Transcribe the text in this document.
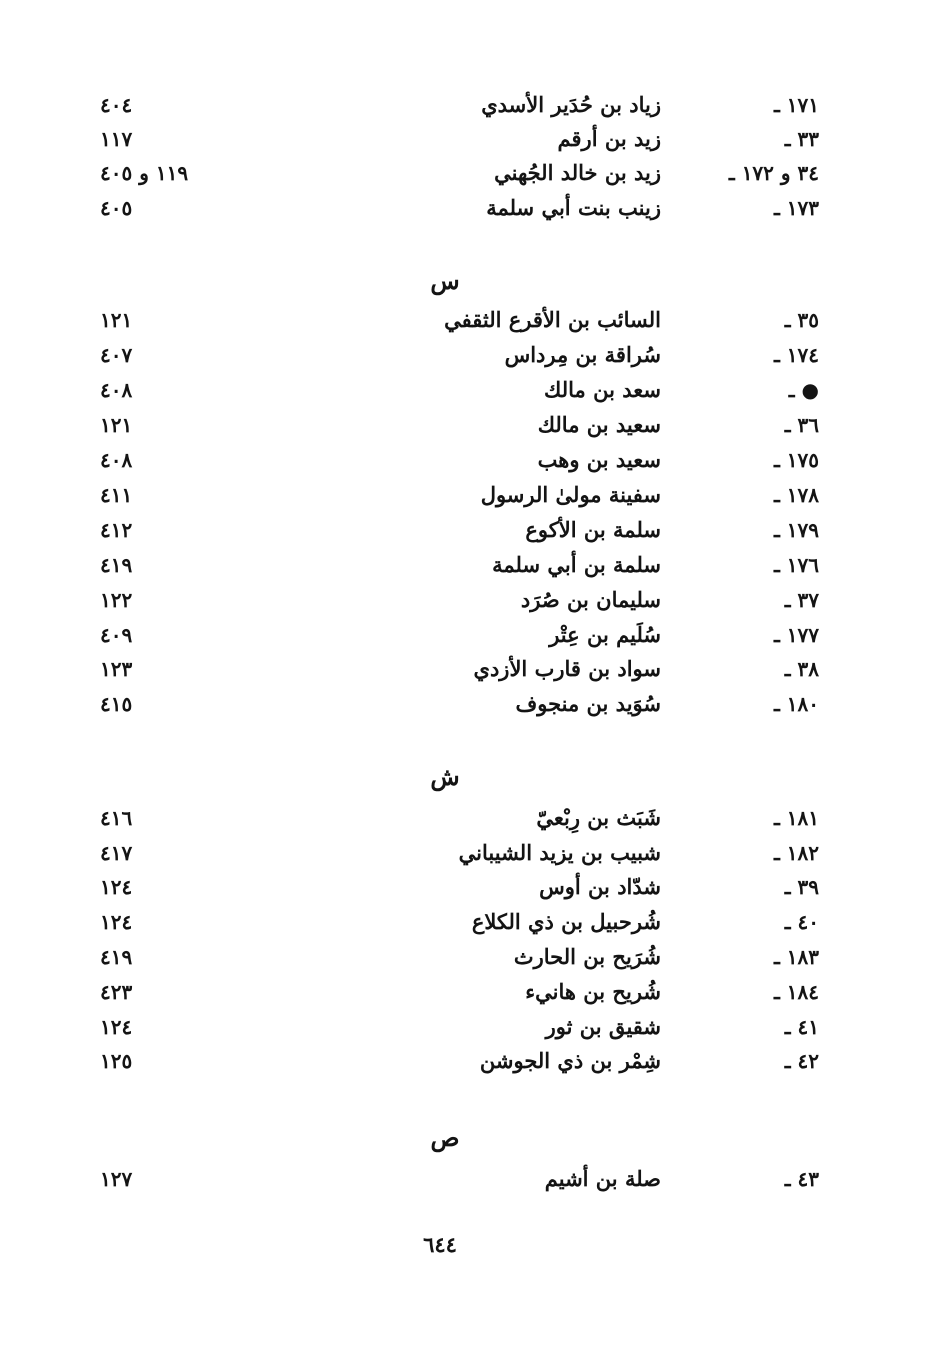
١٧١ ـ
زياد بن حُدَير الأسدي
٤٠٤
٣٣ ـ
زيد بن أرقم
١١٧
٣٤ و ١٧٢ ـ
زيد بن خالد الجُهني
١١٩ و ٤٠٥
١٧٣ ـ
زينب بنت أبي سلمة
٤٠٥
س
٣٥ ـ
السائب بن الأقرع الثقفي
١٢١
١٧٤ ـ
سُراقة بن مِرداس
٤٠٧
● ـ
سعد بن مالك
٤٠٨
٣٦ ـ
سعيد بن مالك
١٢١
١٧٥ ـ
سعيد بن وهب
٤٠٨
١٧٨ ـ
سفينة مولىٰ الرسول
٤١١
١٧٩ ـ
سلمة بن الأكوع
٤١٢
١٧٦ ـ
سلمة بن أبي سلمة
٤١٩
٣٧ ـ
سليمان بن صُرَد
١٢٢
١٧٧ ـ
سُلَيم بن عِتْر
٤٠٩
٣٨ ـ
سواد بن قارب الأزدي
١٢٣
١٨٠ ـ
سُوَيد بن منجوف
٤١٥
ش
١٨١ ـ
شَبَث بن رِبْعيّ
٤١٦
١٨٢ ـ
شبيب بن يزيد الشيباني
٤١٧
٣٩ ـ
شدّاد بن أوس
١٢٤
٤٠ ـ
شُرحبيل بن ذي الكلاع
١٢٤
١٨٣ ـ
شُرَيح بن الحارث
٤١٩
١٨٤ ـ
شُريح بن هانيء
٤٢٣
٤١ ـ
شقيق بن ثور
١٢٤
٤٢ ـ
شِمْر بن ذي الجوشن
١٢٥
ص
٤٣ ـ
صلة بن أشيم
١٢٧
٦٤٤
